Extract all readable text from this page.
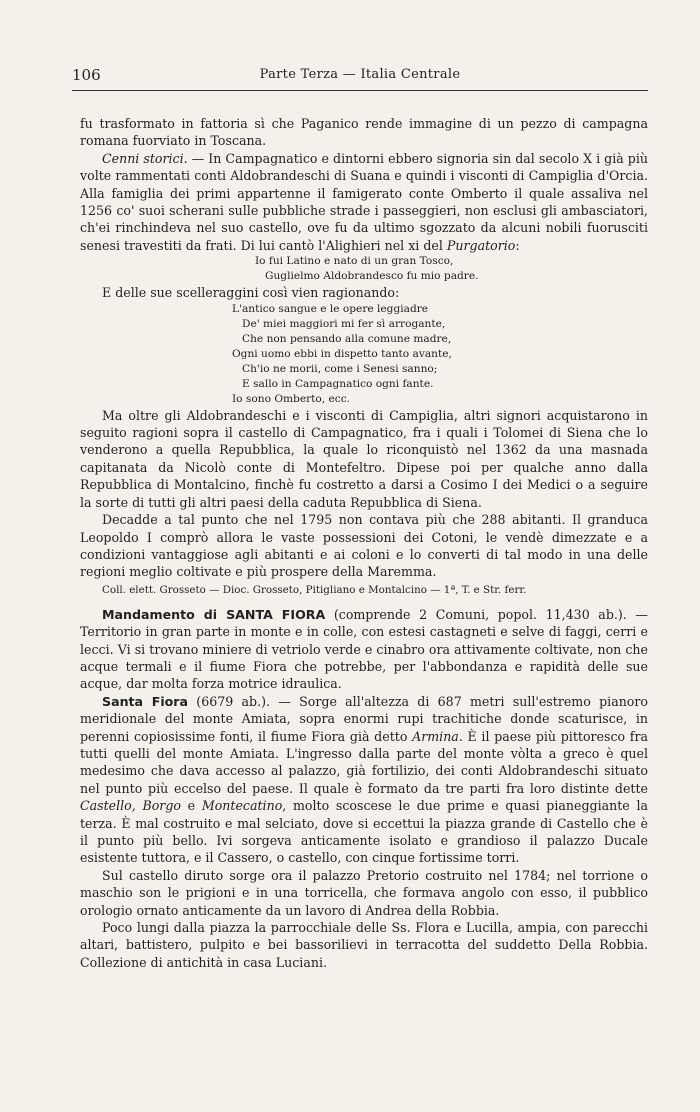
106	Parte Terza — Italia Centrale

fu trasformato in fattoria sì che Paganico rende immagine di un pezzo di campagna romana fuorviato in Toscana.

Cenni storici. — In Campagnatico e dintorni ebbero signoria sin dal secolo X i già più volte rammentati conti Aldobrandeschi di Suana e quindi i visconti di Campiglia d'Orcia. Alla famiglia dei primi appartenne il famigerato conte Omberto il quale assaliva nel 1256 co' suoi scherani sulle pubbliche strade i passeggieri, non esclusi gli ambasciatori, ch'ei rinchindeva nel suo castello, ove fu da ultimo sgozzato da alcuni nobili fuorusciti senesi travestiti da frati. Di lui cantò l'Alighieri nel xi del Purgatorio:

Io fui Latino e nato di un gran Tosco,
Guglielmo Aldobrandesco fu mio padre.

E delle sue scelleraggini così vien ragionando:

L'antico sangue e le opere leggiadre
De' miei maggiori mi fer sì arrogante,
Che non pensando alla comune madre,
Ogni uomo ebbi in dispetto tanto avante,
Ch'io ne morii, come i Senesi sanno;
E sallo in Campagnatico ogni fante.
Io sono Omberto, ecc.

Ma oltre gli Aldobrandeschi e i visconti di Campiglia, altri signori acquistarono in seguito ragioni sopra il castello di Campagnatico, fra i quali i Tolomei di Siena che lo venderono a quella Repubblica, la quale lo riconquistò nel 1362 da una masnada capitanata da Nicolò conte di Montefeltro. Dipese poi per qualche anno dalla Repubblica di Montalcino, finchè fu costretto a darsi a Cosimo I dei Medici o a seguire la sorte di tutti gli altri paesi della caduta Repubblica di Siena.

Decadde a tal punto che nel 1795 non contava più che 288 abitanti. Il granduca Leopoldo I comprò allora le vaste possessioni dei Cotoni, le vendè dimezzate e a condizioni vantaggiose agli abitanti e ai coloni e lo converti di tal modo in una delle regioni meglio coltivate e più prospere della Maremma.

Coll. elett. Grosseto — Dioc. Grosseto, Pitigliano e Montalcino — 1ª, T. e Str. ferr.

Mandamento di SANTA FIORA (comprende 2 Comuni, popol. 11,430 ab.). — Territorio in gran parte in monte e in colle, con estesi castagneti e selve di faggi, cerri e lecci. Vi si trovano miniere di vetriolo verde e cinabro ora attivamente coltivate, non che acque termali e il fiume Fiora che potrebbe, per l'abbondanza e rapidità delle sue acque, dar molta forza motrice idraulica.

Santa Fiora (6679 ab.). — Sorge all'altezza di 687 metri sull'estremo pianoro meridionale del monte Amiata, sopra enormi rupi trachitiche donde scaturisce, in perenni copiosissime fonti, il fiume Fiora già detto Armina. È il paese più pittoresco fra tutti quelli del monte Amiata. L'ingresso dalla parte del monte vòlta a greco è quel medesimo che dava accesso al palazzo, già fortilizio, dei conti Aldobrandeschi situato nel punto più eccelso del paese. Il quale è formato da tre parti fra loro distinte dette Castello, Borgo e Montecatino, molto scoscese le due prime e quasi pianeggiante la terza. È mal costruito e mal selciato, dove si eccettui la piazza grande di Castello che è il punto più bello. Ivi sorgeva anticamente isolato e grandioso il palazzo Ducale esistente tuttora, e il Cassero, o castello, con cinque fortissime torri.

Sul castello diruto sorge ora il palazzo Pretorio costruito nel 1784; nel torrione o maschio son le prigioni e in una torricella, che formava angolo con esso, il pubblico orologio ornato anticamente da un lavoro di Andrea della Robbia.

Poco lungi dalla piazza la parrocchiale delle Ss. Flora e Lucilla, ampia, con parecchi altari, battistero, pulpito e bei bassorilievi in terracotta del suddetto Della Robbia. Collezione di antichità in casa Luciani.
